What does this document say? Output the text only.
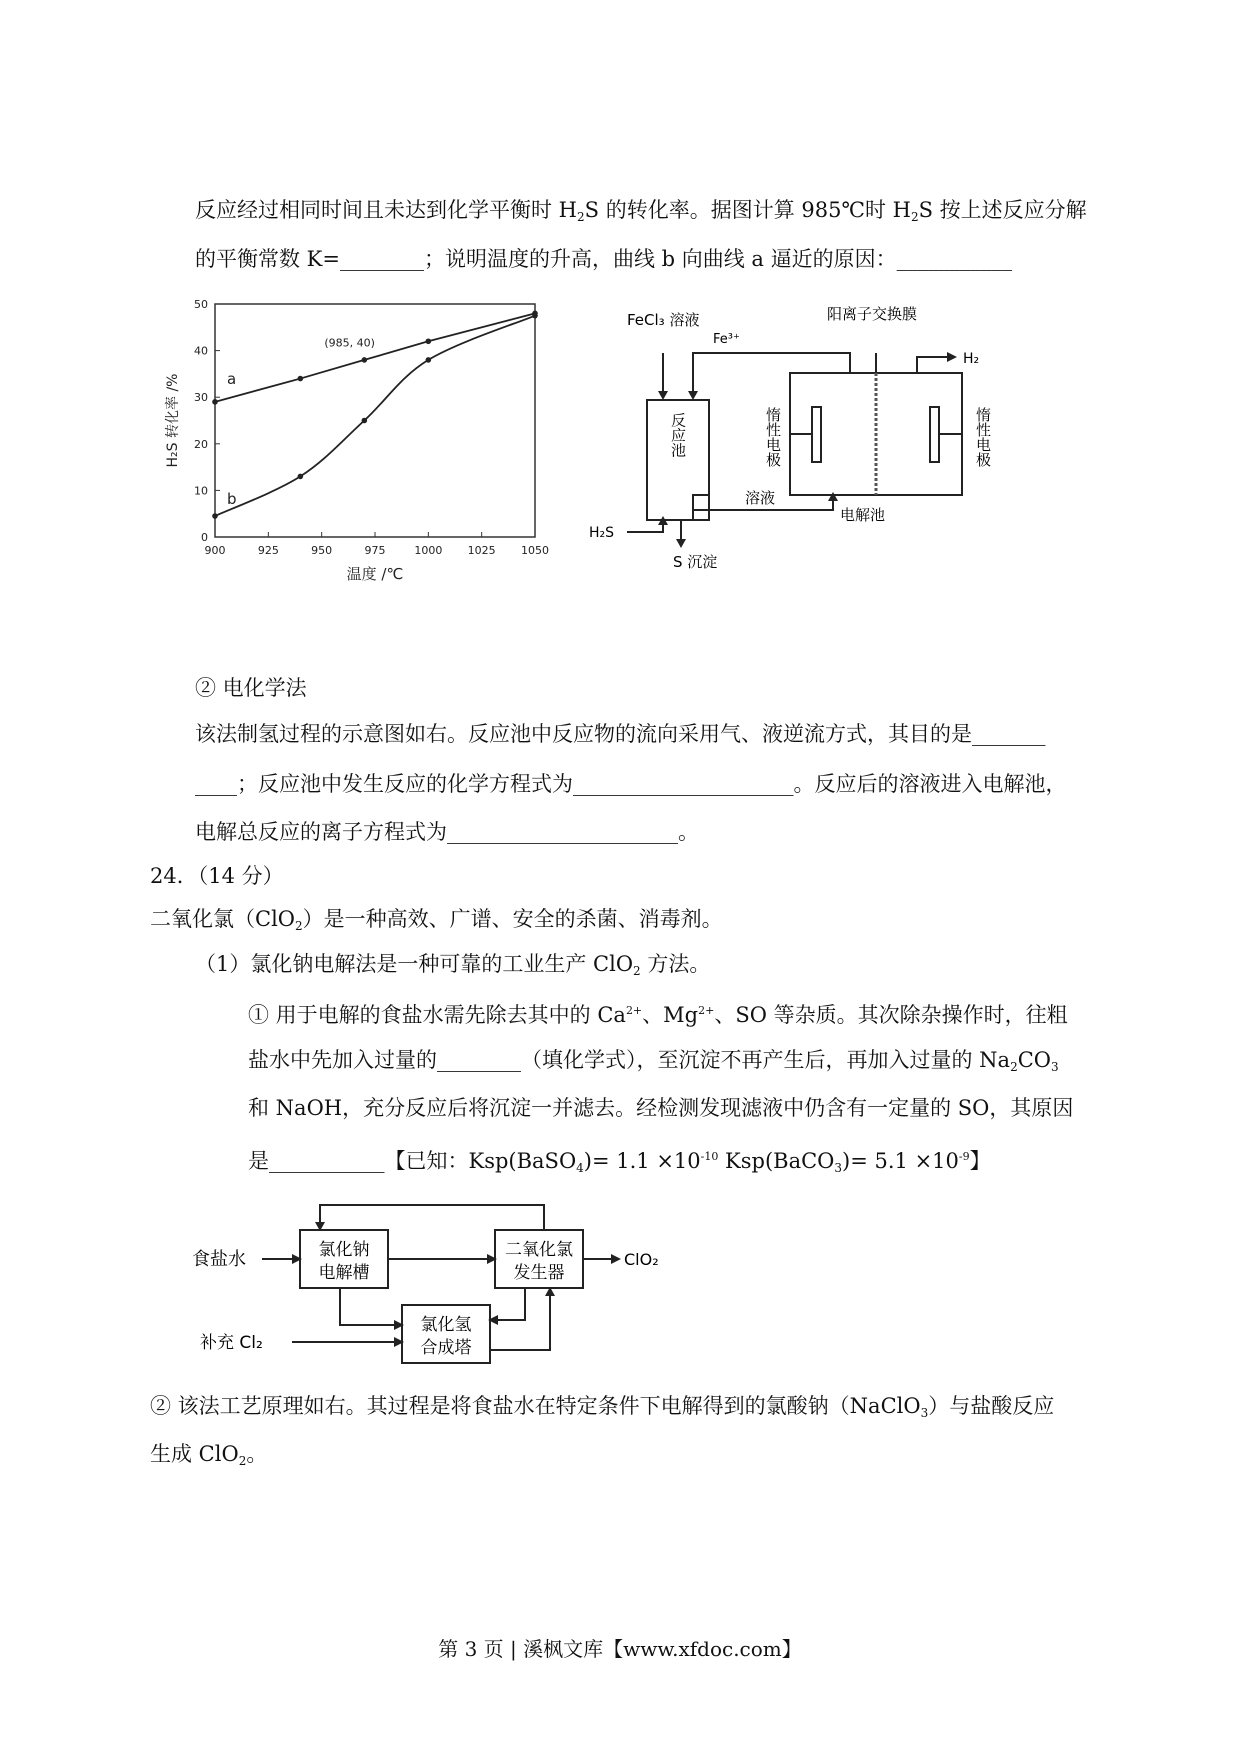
反应经过相同时间且未达到化学平衡时 $H_2S$ 的转化率。据图计算 985℃时 $H_2S$ 按上述反应分解
的平衡常数 K=________；说明温度的升高，曲线 b 向曲线 a 逼近的原因：___________
900	925	950	975	1000 1025 1050
0
10
20
30
40
50
温度 /℃
H₂S 转化率 /%	a
b
(985, 40)
FeCl₃ 溶液
Fe³⁺
阳离子交换膜
H₂
反应池	惰性电极	惰性电极
H₂S
溶液
电解池
S 沉淀
② 电化学法
该法制氢过程的示意图如右。反应池中反应物的流向采用气、液逆流方式，其目的是_______
____；反应池中发生反应的化学方程式为_____________________。反应后的溶液进入电解池，
电解总反应的离子方程式为______________________。
24．（14 分）
二氧化氯（ClO$_2$）是一种高效、广谱、安全的杀菌、消毒剂。
（1）氯化钠电解法是一种可靠的工业生产 ClO$_2$ 方法。
① 用于电解的食盐水需先除去其中的 $Ca^{2+}$、$Mg^{2+}$、SO 等杂质。其次除杂操作时，往粗
盐水中先加入过量的________（填化学式），至沉淀不再产生后，再加入过量的 $Na_2CO_3$
和 NaOH，充分反应后将沉淀一并滤去。经检测发现滤液中仍含有一定量的 SO，其原因
是___________【已知：Ksp(BaSO$_4$)= $1.1 \times 10^{-10}$ Ksp(BaCO$_3$)= $5.1 \times 10^{-9}$】
食盐水	氯化钠
电解槽
二氧化氯
发生器
ClO₂
氯化氢
合成塔
补充 Cl₂
② 该法工艺原理如右。其过程是将食盐水在特定条件下电解得到的氯酸钠（NaClO$_3$）与盐酸反应
生成 ClO$_2$。
第 3 页 | 溪枫文库【www.xfdoc.com】
